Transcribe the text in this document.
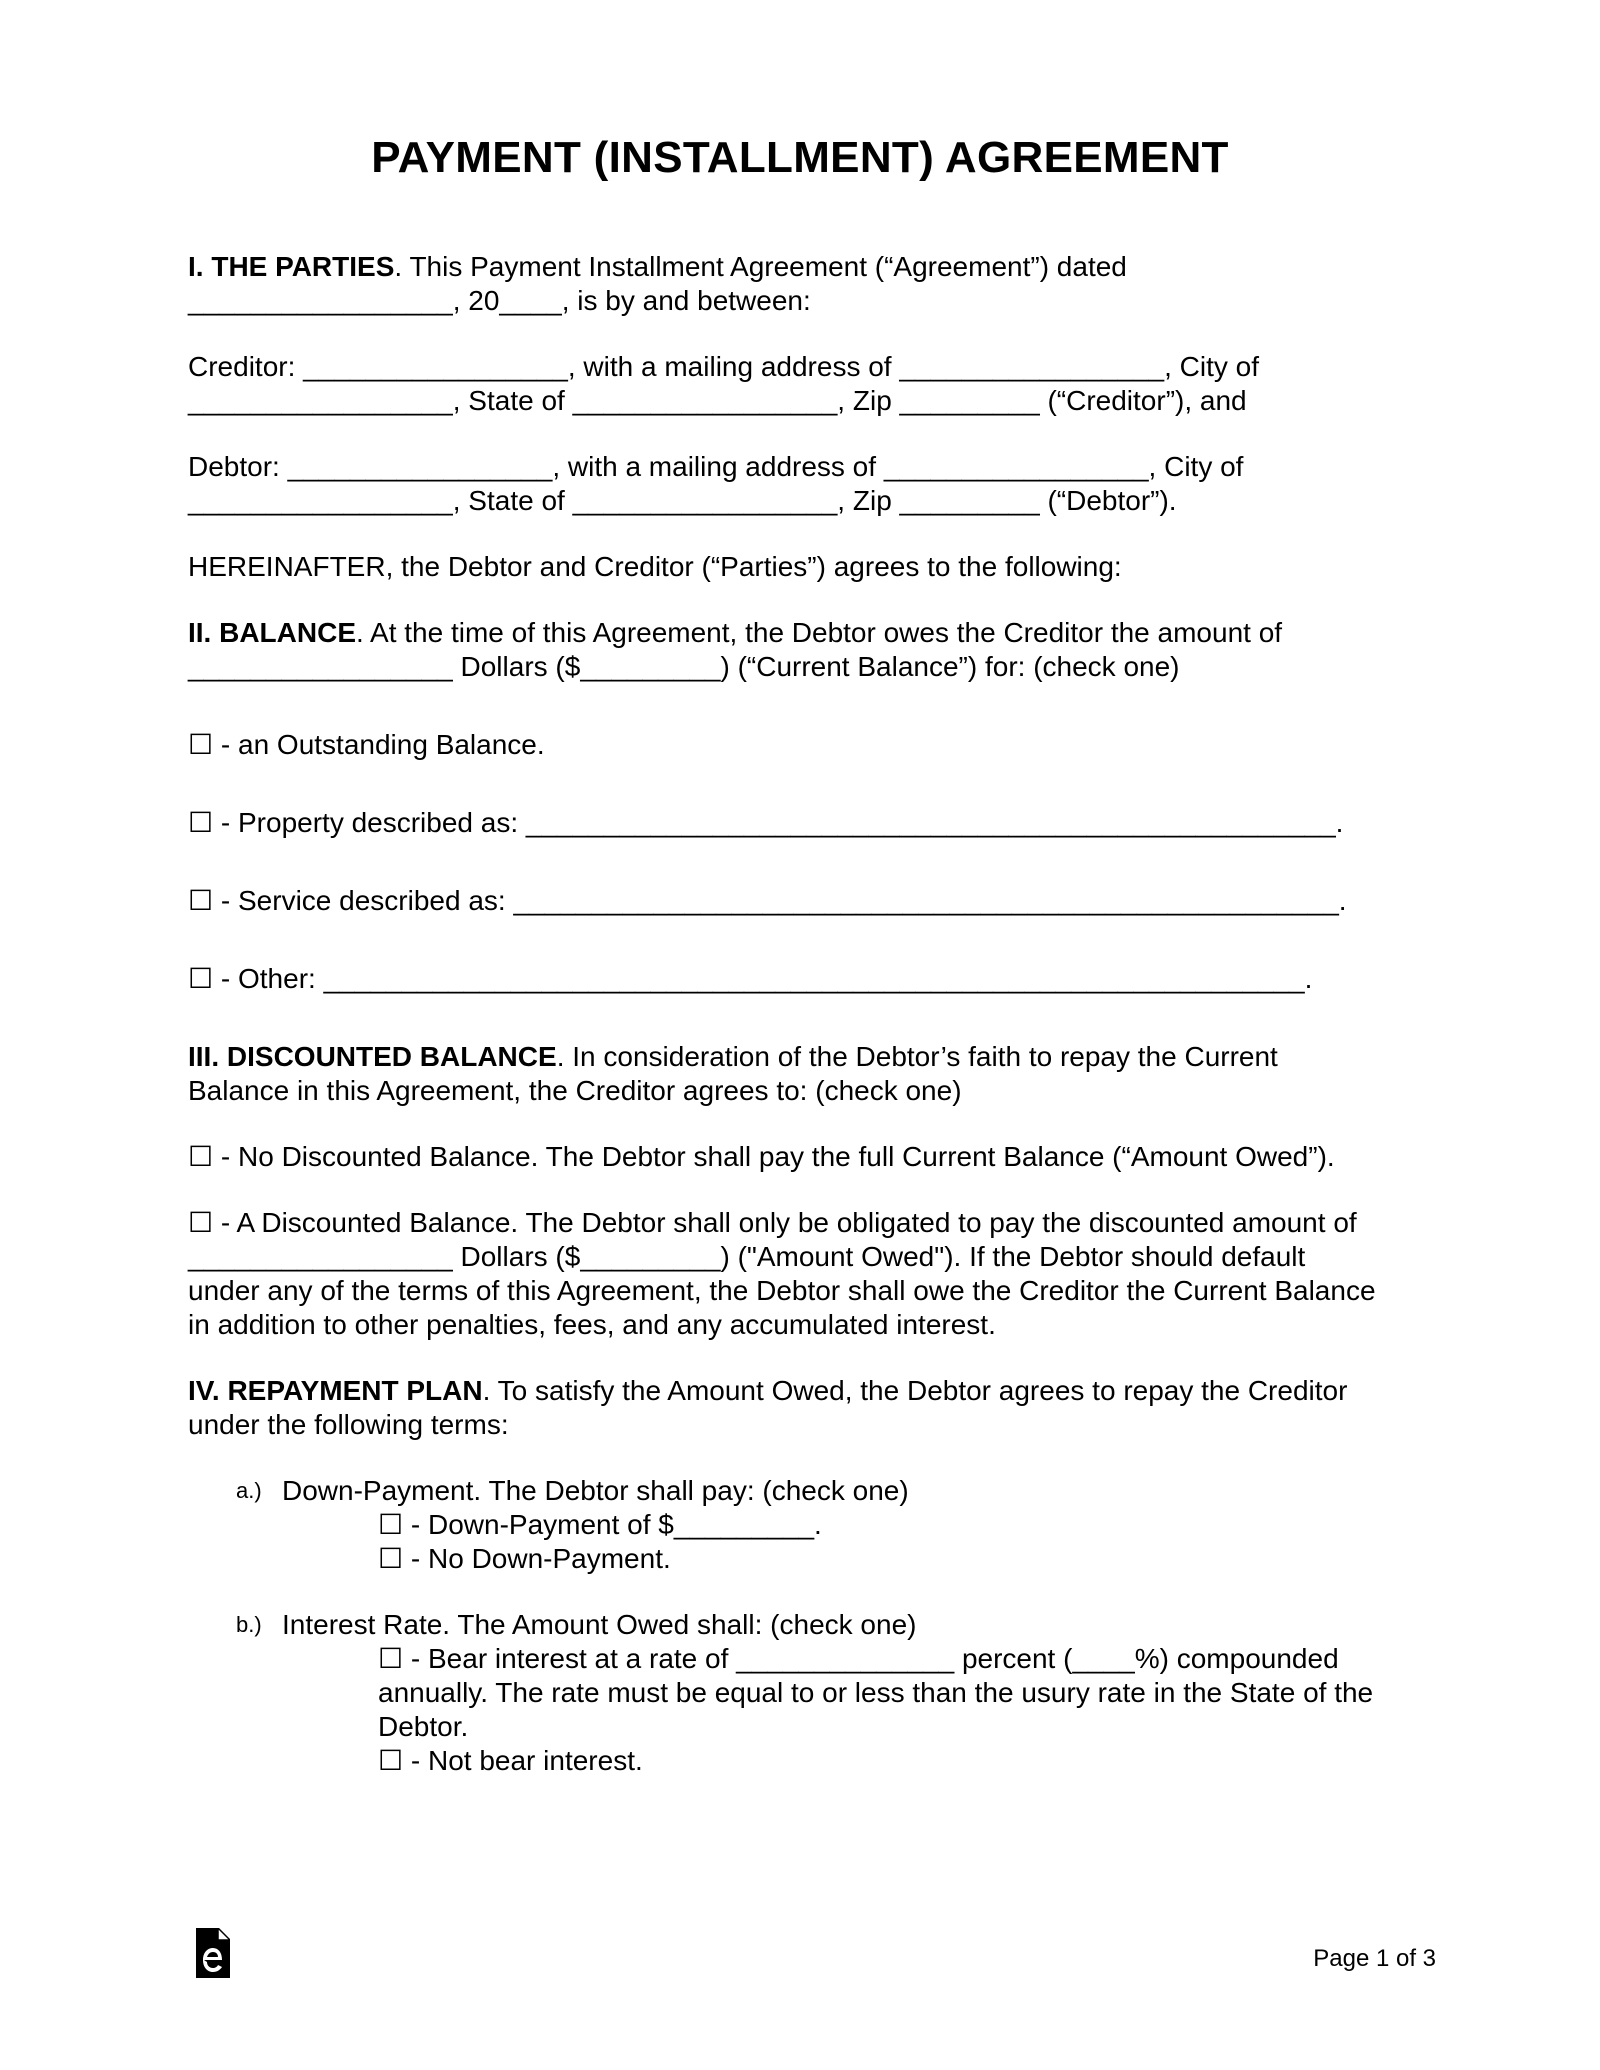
PAYMENT (INSTALLMENT) AGREEMENT

I. THE PARTIES. This Payment Installment Agreement (“Agreement”) dated

_________________, 20____, is by and between:

Creditor: _________________, with a mailing address of _________________, City of

_________________, State of _________________, Zip _________ (“Creditor”), and

Debtor: _________________, with a mailing address of _________________, City of

_________________, State of _________________, Zip _________ (“Debtor”).

HEREINAFTER, the Debtor and Creditor (“Parties”) agrees to the following:

II. BALANCE. At the time of this Agreement, the Debtor owes the Creditor the amount of

_________________ Dollars ($_________) (“Current Balance”) for: (check one)

☐ - an Outstanding Balance.

☐ - Property described as: ____________________________________________________.

☐ - Service described as: _____________________________________________________.

☐ - Other: _______________________________________________________________.

III. DISCOUNTED BALANCE. In consideration of the Debtor’s faith to repay the Current

Balance in this Agreement, the Creditor agrees to: (check one)

☐ - No Discounted Balance. The Debtor shall pay the full Current Balance (“Amount Owed”).

☐ - A Discounted Balance. The Debtor shall only be obligated to pay the discounted amount of

_________________ Dollars ($_________) ("Amount Owed"). If the Debtor should default

under any of the terms of this Agreement, the Debtor shall owe the Creditor the Current Balance

in addition to other penalties, fees, and any accumulated interest.

IV. REPAYMENT PLAN. To satisfy the Amount Owed, the Debtor agrees to repay the Creditor

under the following terms:

a.) Down-Payment. The Debtor shall pay: (check one)

☐ - Down-Payment of $_________.

☐ - No Down-Payment.

b.) Interest Rate. The Amount Owed shall: (check one)

☐ - Bear interest at a rate of ______________ percent (____%) compounded

annually. The rate must be equal to or less than the usury rate in the State of the

Debtor.

☐ - Not bear interest.

Page 1 of 3
